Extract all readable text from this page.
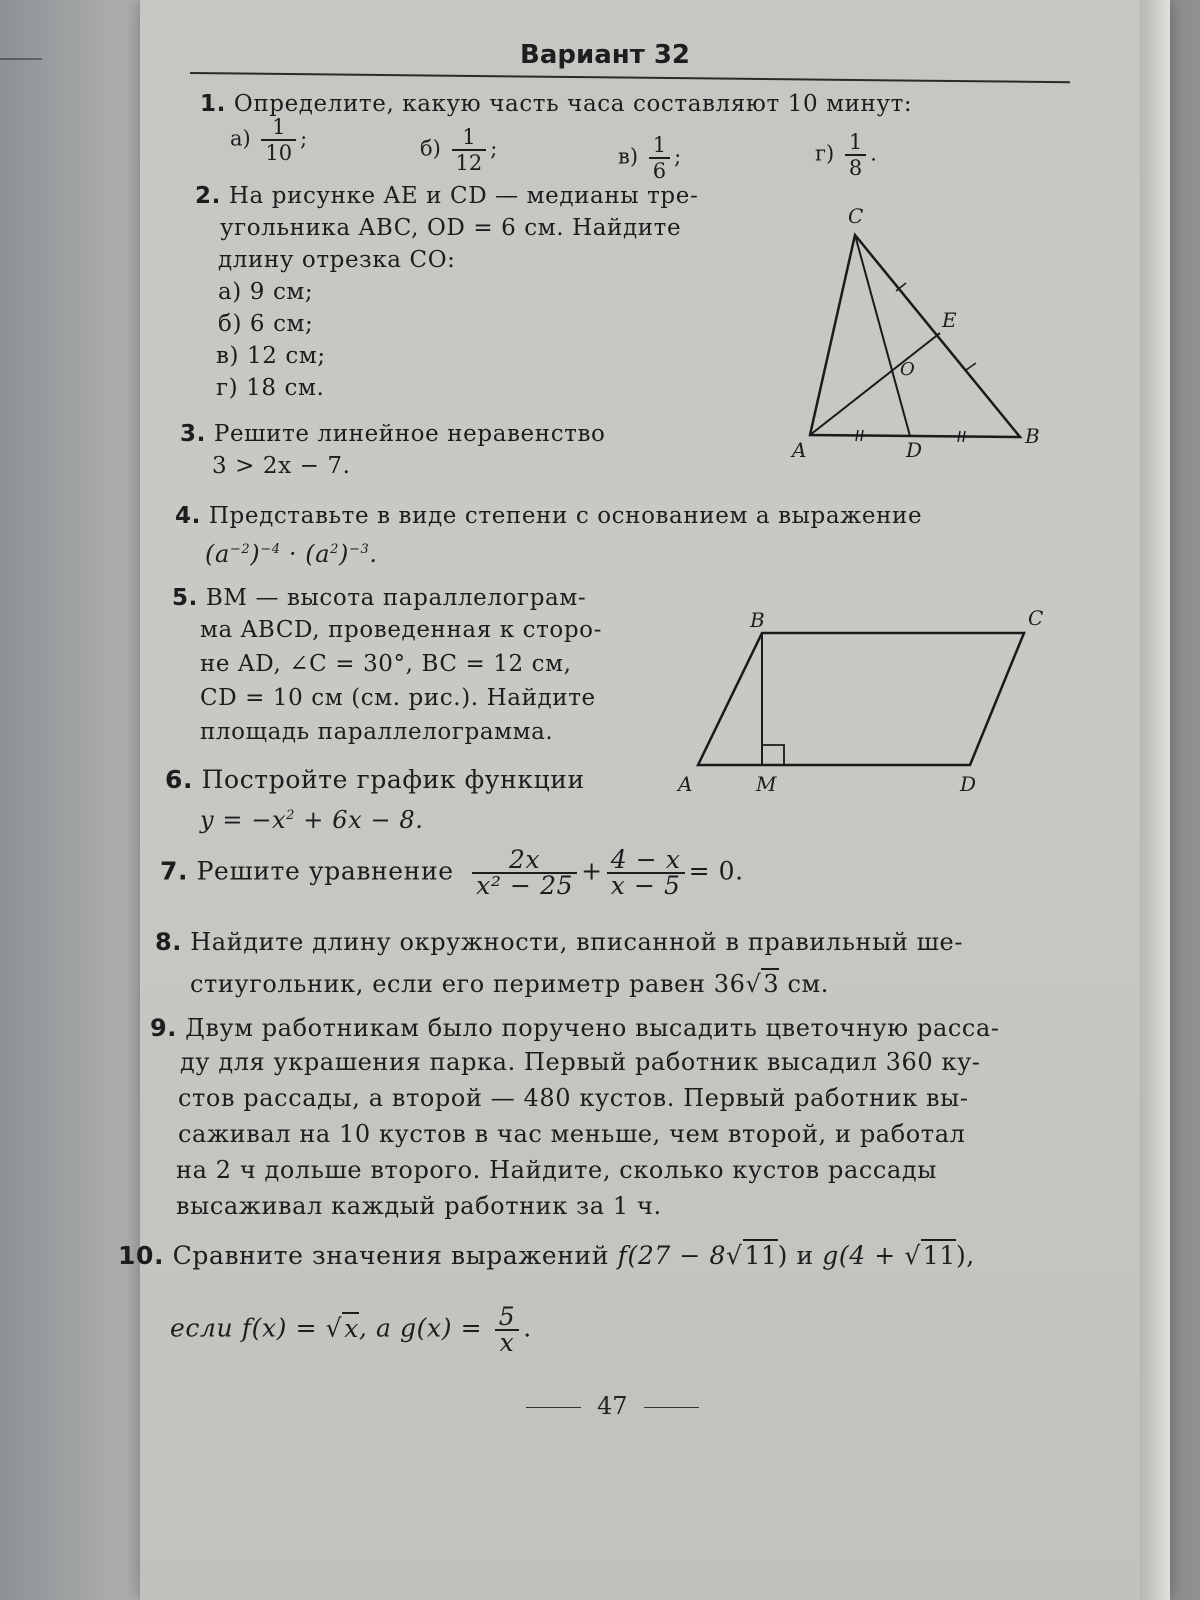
Вариант 32
1. Определите, какую часть часа составляют 10 минут:
$а) \frac{1}{10}$ ;	$б) \frac{1}{12}$ ;	$в) \frac{1}{6}$ ;	$г) \frac{1}{8}$ .
2. На рисунке AE и CD — медианы тре-
угольника ABC, OD = 6 см. Найдите
длину отрезка CO:
а) 9 см;
б) 6 см;
в) 12 см;
г) 18 см.
C
E
O
A	D
B
3. Решите линейное неравенство
3 > 2x − 7.
4. Представьте в виде степени с основанием a выражение
$(a^{-2})^{-4} \cdot (a^2)^{-3}$.
5. BM — высота параллелограм-
ма ABCD, проведенная к сторо-
не AD, ∠C = 30°, BC = 12 см,
CD = 10 см (см. рис.). Найдите
площадь параллелограмма.
B	C
A	M	D
6. Постройте график функции
$y = -x^2 + 6x - 8$.
7. Решите уравнение $\frac{2x}{\text{x² − 25}} + \frac{4 - x}{x - 5} = 0$.
8. Найдите длину окружности, вписанной в правильный ше-
стиугольник, если его периметр равен 36√3 см.
9. Двум работникам было поручено высадить цветочную расса-
ду для украшения парка. Первый работник высадил 360 ку-
стов рассады, а второй — 480 кустов. Первый работник вы-
саживал на 10 кустов в час меньше, чем второй, и работал
на 2 ч дольше второго. Найдите, сколько кустов рассады
высаживал каждый работник за 1 ч.
10. Сравните значения выражений f(27 − 8√11) и g(4 + √11),
если f(x) = √x, а $g(x) = \frac{5}{x}$ .
47
